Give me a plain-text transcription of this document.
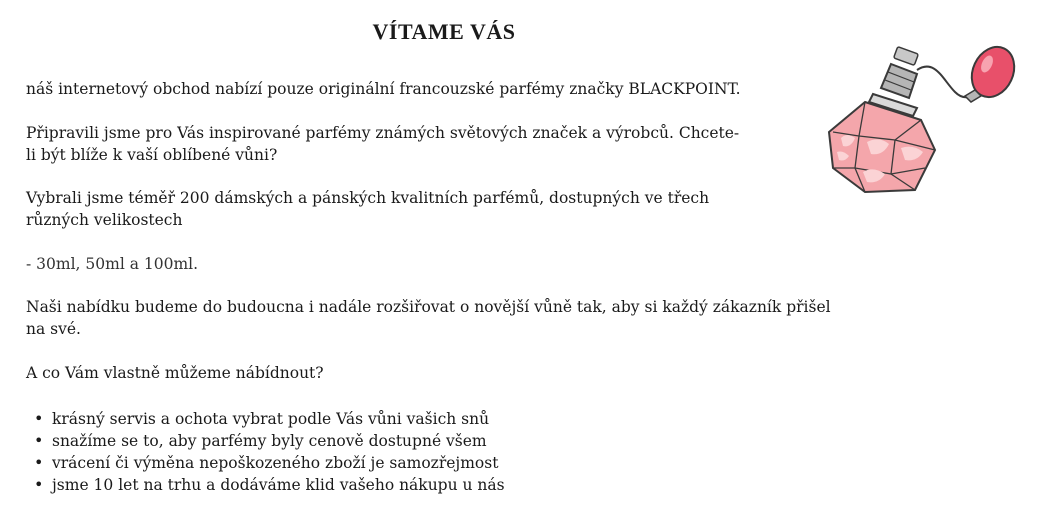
VÍTAME VÁS

náš internetový obchod nabízí pouze originální francouzské parfémy značky BLACKPOINT.

Připravili jsme pro Vás inspirované parfémy známých světových značek a výrobců. Chcete-li být blíže k vaší oblíbené vůni?

Vybrali jsme téměř 200 dámských a pánských kvalitních parfémů, dostupných ve třech různých velikostech

- 30ml, 50ml a 100ml.

Naši nabídku budeme do budoucna i nadále rozšiřovat o novější vůně tak, aby si každý zákazník přišel na své.

A co Vám vlastně můžeme nábídnout?

• krásný servis a ochota vybrat podle Vás vůni vašich snů
• snažíme se to, aby parfémy byly cenově dostupné všem
• vrácení či výměna nepoškozeného zboží je samozřejmost
• jsme 10 let na trhu a dodáváme klid vašeho nákupu u nás
